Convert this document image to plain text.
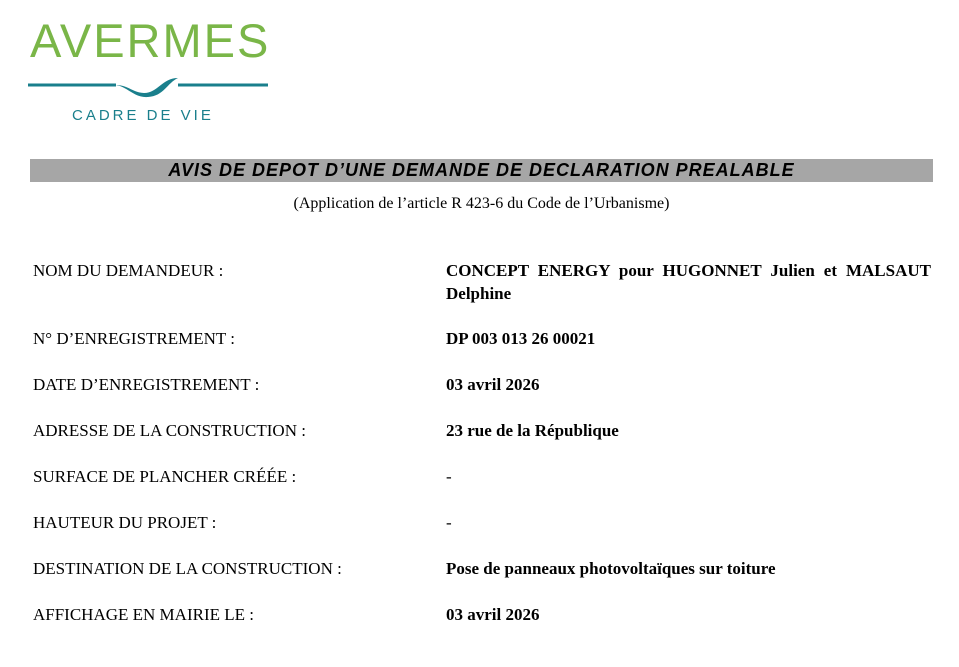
AVERMES
CADRE DE VIE
AVIS DE DEPOT D’UNE DEMANDE DE DECLARATION PREALABLE
(Application de l’article R 423-6 du Code de l’Urbanisme)
NOM DU DEMANDEUR :	CONCEPT ENERGY pour HUGONNET Julien et MALSAUT Delphine
N° D’ENREGISTREMENT :	DP 003 013 26 00021
DATE D’ENREGISTREMENT :	03 avril 2026
ADRESSE DE LA CONSTRUCTION :	23 rue de la République
SURFACE DE PLANCHER CRÉÉE :	-
HAUTEUR DU PROJET :	-
DESTINATION DE LA CONSTRUCTION :	Pose de panneaux photovoltaïques sur toiture
AFFICHAGE EN MAIRIE LE :	03 avril 2026
